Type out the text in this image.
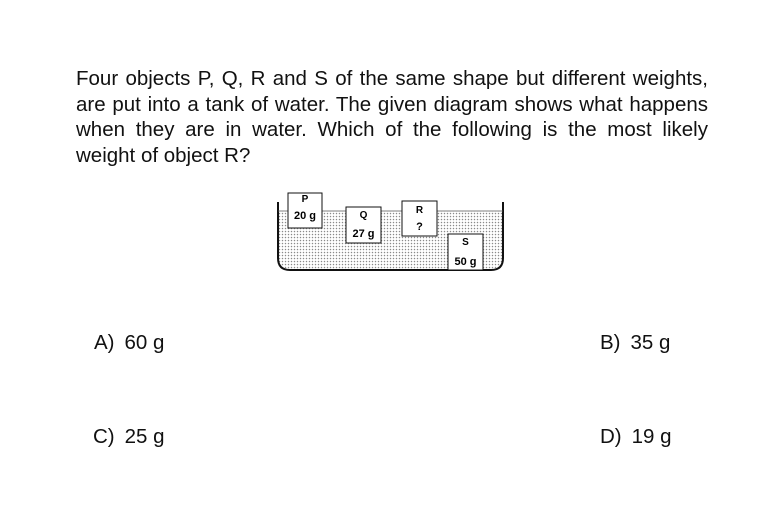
Four objects P, Q, R and S of the same shape but different weights, are put into a tank of water. The given diagram shows what happens when they are in water. Which of the following is the most likely weight of object R?

P
20 g	Q
27 g
R
?
S
50 g
A) 60 g	B) 35 g
C) 25 g	D) 19 g
